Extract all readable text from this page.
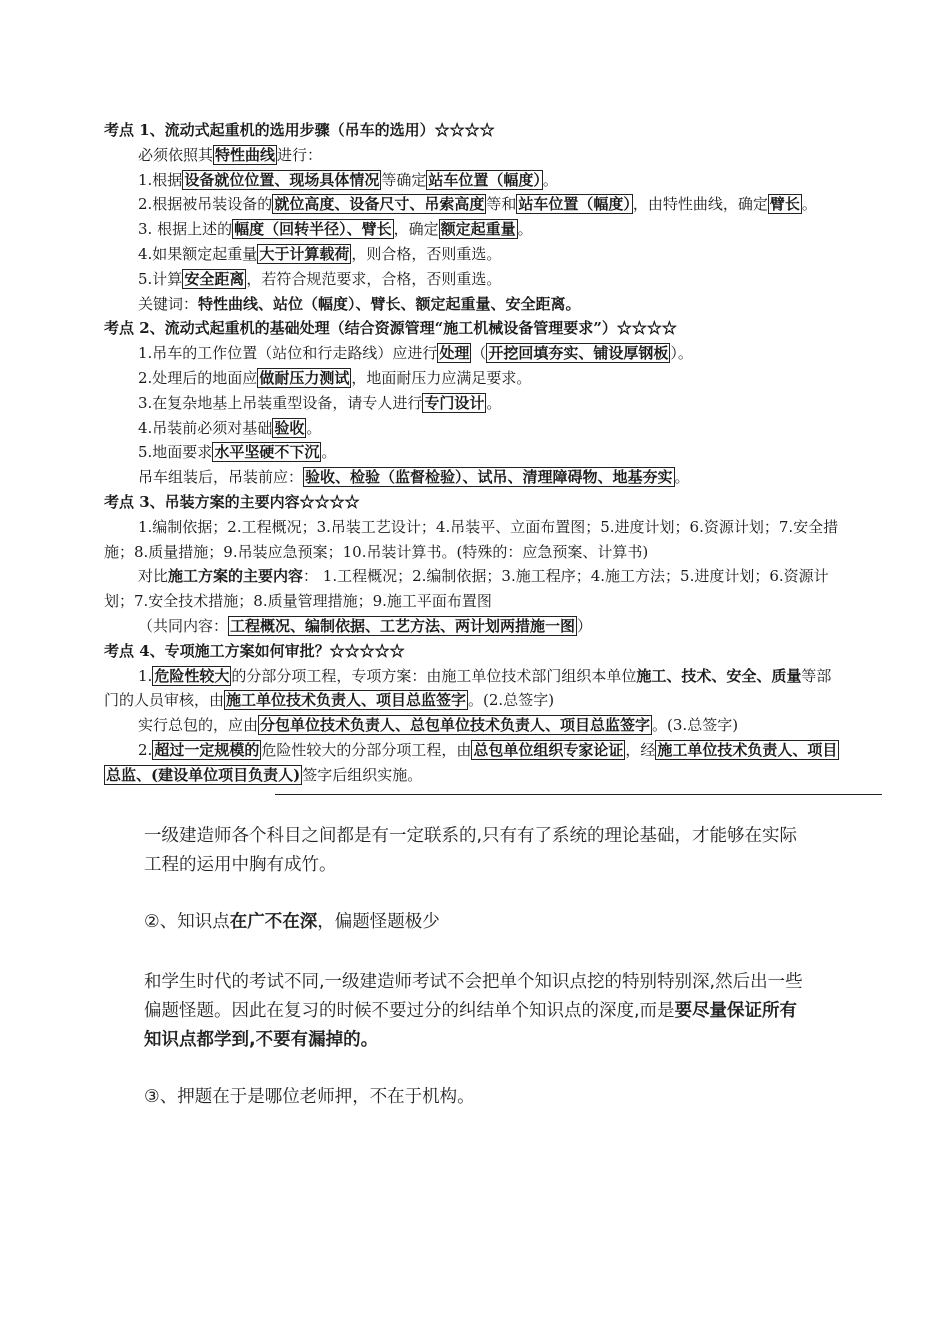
考点 1、流动式起重机的选用步骤（吊车的选用）☆☆☆☆
必须依照其 特性曲线 进行：
1.根据 设备就位位置、现场具体情况 等确定 站车位置（幅度） 。
2.根据被吊装设备的 就位高度、设备尺寸、吊索高度 等和 站车位置（幅度） ，由特性曲线，确定 臂长 。
3. 根据上述的 幅度（回转半径）、臂长 ，确定 额定起重量 。
4.如果额定起重量 大于计算载荷 ，则合格，否则重选。
5.计算 安全距离 ，若符合规范要求，合格，否则重选。
关键词：特性曲线、站位（幅度）、臂长、额定起重量、安全距离。
考点 2、流动式起重机的基础处理（结合资源管理“施工机械设备管理要求”）☆☆☆☆
1.吊车的工作位置（站位和行走路线）应进行 处理 （ 开挖回填夯实、铺设厚钢板 ）。
2.处理后的地面应 做耐压力测试 ，地面耐压力应满足要求。
3.在复杂地基上吊装重型设备，请专人进行 专门设计 。
4.吊装前必须对基础 验收 。
5.地面要求 水平坚硬不下沉 。
吊车组装后，吊装前应： 验收、检验（监督检验）、试吊、清理障碍物、地基夯实 。
考点 3、吊装方案的主要内容☆☆☆☆
1.编制依据；2.工程概况；3.吊装工艺设计；4.吊装平、立面布置图；5.进度计划；6.资源计划；7.安全措
施；8.质量措施；9.吊装应急预案；10.吊装计算书。(特殊的：应急预案、计算书)
对比施工方案的主要内容： 1.工程概况；2.编制依据；3.施工程序；4.施工方法；5.进度计划；6.资源计
划；7.安全技术措施；8.质量管理措施；9.施工平面布置图
（共同内容： 工程概况、编制依据、工艺方法、两计划两措施一图 ）
考点 4、专项施工方案如何审批？☆☆☆☆☆
1. 危险性较大 的分部分项工程，专项方案：由施工单位技术部门组织本单位施工、技术、安全、质量等部
门的人员审核，由 施工单位技术负责人、项目总监签字 。(2.总签字)
实行总包的，应由 分包单位技术负责人、总包单位技术负责人、项目总监签字 。(3.总签字)
2. 超过一定规模的 危险性较大的分部分项工程，由 总包单位组织专家论证 ，经 施工单位技术负责人、项目
总监、(建设单位项目负责人) 签字后组织实施。
一级建造师各个科目之间都是有一定联系的,只有有了系统的理论基础，才能够在实际工程的运用中胸有成竹。
②、知识点在广不在深，偏题怪题极少
和学生时代的考试不同,一级建造师考试不会把单个知识点挖的特别特别深,然后出一些偏题怪题。因此在复习的时候不要过分的纠结单个知识点的深度,而是要尽量保证所有知识点都学到,不要有漏掉的。
③、押题在于是哪位老师押，不在于机构。
